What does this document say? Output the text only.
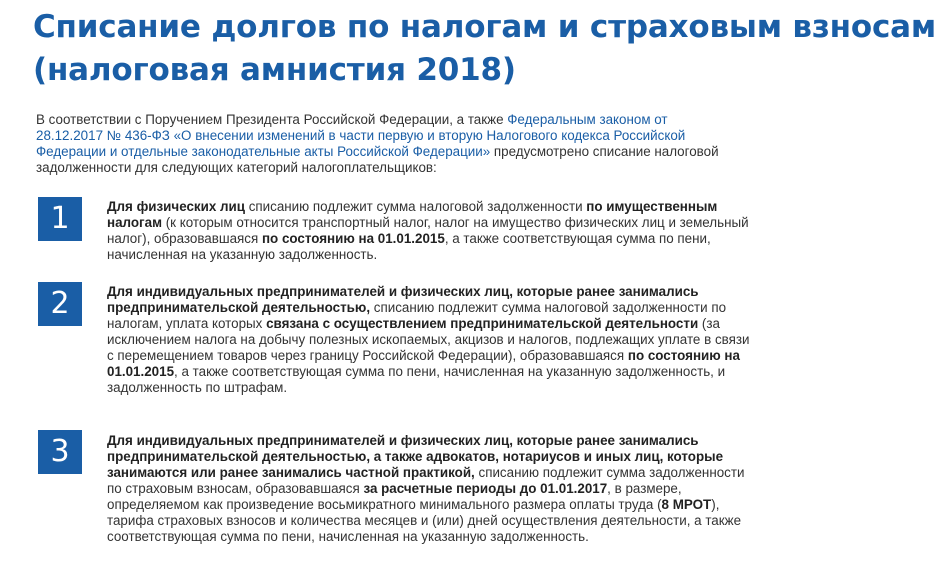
Списание долгов по налогам и страховым взносам
(налоговая амнистия 2018)
В соответствии с Поручением Президента Российской Федерации, а также Федеральным законом от 28.12.2017 № 436-ФЗ «О внесении изменений в части первую и вторую Налогового кодекса Российской Федерации и отдельные законодательные акты Российской Федерации» предусмотрено списание налоговой задолженности для следующих категорий налогоплательщиков:
1	Для физических лиц списанию подлежит сумма налоговой задолженности по имущественным налогам (к которым относится транспортный налог, налог на имущество физических лиц и земельный налог), образовавшаяся по состоянию на 01.01.2015, а также соответствующая сумма по пени, начисленная на указанную задолженность.
2	Для индивидуальных предпринимателей и физических лиц, которые ранее занимались предпринимательской деятельностью, списанию подлежит сумма налоговой задолженности по налогам, уплата которых связана с осуществлением предпринимательской деятельности (за исключением налога на добычу полезных ископаемых, акцизов и налогов, подлежащих уплате в связи с перемещением товаров через границу Российской Федерации), образовавшаяся по состоянию на 01.01.2015, а также соответствующая сумма по пени, начисленная на указанную задолженность, и задолженность по штрафам.
3	Для индивидуальных предпринимателей и физических лиц, которые ранее занимались предпринимательской деятельностью, а также адвокатов, нотариусов и иных лиц, которые занимаются или ранее занимались частной практикой, списанию подлежит сумма задолженности по страховым взносам, образовавшаяся за расчетные периоды до 01.01.2017, в размере, определяемом как произведение восьмикратного минимального размера оплаты труда (8 МРОТ), тарифа страховых взносов и количества месяцев и (или) дней осуществления деятельности, а также соответствующая сумма по пени, начисленная на указанную задолженность.
